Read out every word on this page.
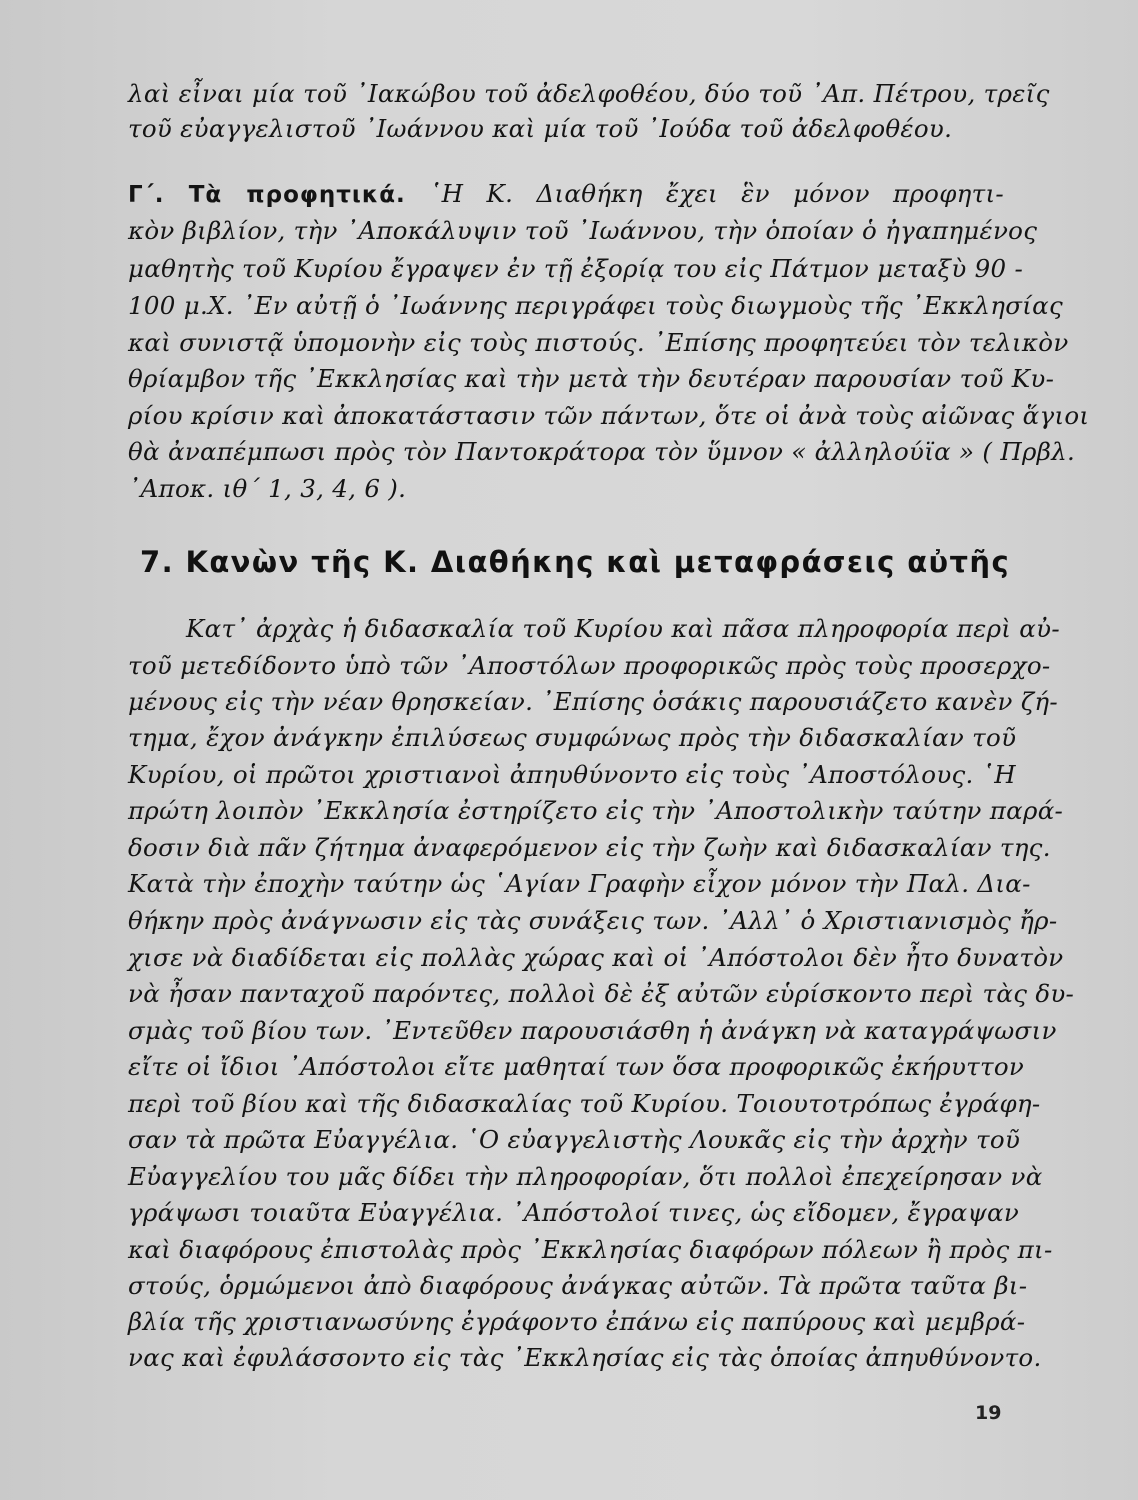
λαὶ εἶναι μία τοῦ ᾿Ιακώβου τοῦ ἀδελφοθέου, δύο τοῦ ᾿Απ. Πέτρου, τρεῖς
τοῦ εὐαγγελιστοῦ ᾿Ιωάννου καὶ μία τοῦ ᾿Ιούδα τοῦ ἀδελφοθέου.
Γ΄. Τὰ προφητικά. ῾Η Κ. Διαθήκη ἔχει ἓν μόνον προφητι-
κὸν βιβλίον, τὴν ᾿Αποκάλυψιν τοῦ ᾿Ιωάννου, τὴν ὁποίαν ὁ ἠγαπημένος
μαθητὴς τοῦ Κυρίου ἔγραψεν ἐν τῇ ἐξορίᾳ του εἰς Πάτμον μεταξὺ 90 -
100 μ.Χ. ᾿Εν αὐτῇ ὁ ᾿Ιωάννης περιγράφει τοὺς διωγμοὺς τῆς ᾿Εκκλησίας
καὶ συνιστᾷ ὑπομονὴν εἰς τοὺς πιστούς. ᾿Επίσης προφητεύει τὸν τελικὸν
θρίαμβον τῆς ᾿Εκκλησίας καὶ τὴν μετὰ τὴν δευτέραν παρουσίαν τοῦ Κυ-
ρίου κρίσιν καὶ ἀποκατάστασιν τῶν πάντων, ὅτε οἱ ἀνὰ τοὺς αἰῶνας ἅγιοι
θὰ ἀναπέμπωσι πρὸς τὸν Παντοκράτορα τὸν ὕμνον « ἀλληλούϊα » ( Πρβλ.
᾿Αποκ. ιθ΄ 1, 3, 4, 6 ).
7. Κανὼν τῆς Κ. Διαθήκης καὶ μεταφράσεις αὐτῆς
Κατ᾿ ἀρχὰς ἡ διδασκαλία τοῦ Κυρίου καὶ πᾶσα πληροφορία περὶ αὐ-
τοῦ μετεδίδοντο ὑπὸ τῶν ᾿Αποστόλων προφορικῶς πρὸς τοὺς προσερχο-
μένους εἰς τὴν νέαν θρησκείαν. ᾿Επίσης ὁσάκις παρουσιάζετο κανὲν ζή-
τημα, ἔχον ἀνάγκην ἐπιλύσεως συμφώνως πρὸς τὴν διδασκαλίαν τοῦ
Κυρίου, οἱ πρῶτοι χριστιανοὶ ἀπηυθύνοντο εἰς τοὺς ᾿Αποστόλους. ῾Η
πρώτη λοιπὸν ᾿Εκκλησία ἐστηρίζετο εἰς τὴν ᾿Αποστολικὴν ταύτην παρά-
δοσιν διὰ πᾶν ζήτημα ἀναφερόμενον εἰς τὴν ζωὴν καὶ διδασκαλίαν της.
Κατὰ τὴν ἐποχὴν ταύτην ὡς ῾Αγίαν Γραφὴν εἶχον μόνον τὴν Παλ. Δια-
θήκην πρὸς ἀνάγνωσιν εἰς τὰς συνάξεις των. ᾿Αλλ᾿ ὁ Χριστιανισμὸς ἤρ-
χισε νὰ διαδίδεται εἰς πολλὰς χώρας καὶ οἱ ᾿Απόστολοι δὲν ἦτο δυνατὸν
νὰ ἦσαν πανταχοῦ παρόντες, πολλοὶ δὲ ἐξ αὐτῶν εὑρίσκοντο περὶ τὰς δυ-
σμὰς τοῦ βίου των. ᾿Εντεῦθεν παρουσιάσθη ἡ ἀνάγκη νὰ καταγράψωσιν
εἴτε οἱ ἴδιοι ᾿Απόστολοι εἴτε μαθηταί των ὅσα προφορικῶς ἐκήρυττον
περὶ τοῦ βίου καὶ τῆς διδασκαλίας τοῦ Κυρίου. Τοιουτοτρόπως ἐγράφη-
σαν τὰ πρῶτα Εὐαγγέλια. ῾Ο εὐαγγελιστὴς Λουκᾶς εἰς τὴν ἀρχὴν τοῦ
Εὐαγγελίου του μᾶς δίδει τὴν πληροφορίαν, ὅτι πολλοὶ ἐπεχείρησαν νὰ
γράψωσι τοιαῦτα Εὐαγγέλια. ᾿Απόστολοί τινες, ὡς εἴδομεν, ἔγραψαν
καὶ διαφόρους ἐπιστολὰς πρὸς ᾿Εκκλησίας διαφόρων πόλεων ἢ πρὸς πι-
στούς, ὁρμώμενοι ἀπὸ διαφόρους ἀνάγκας αὐτῶν. Τὰ πρῶτα ταῦτα βι-
βλία τῆς χριστιανωσύνης ἐγράφοντο ἐπάνω εἰς παπύρους καὶ μεμβρά-
νας καὶ ἐφυλάσσοντο εἰς τὰς ᾿Εκκλησίας εἰς τὰς ὁποίας ἀπηυθύνοντο.
19
